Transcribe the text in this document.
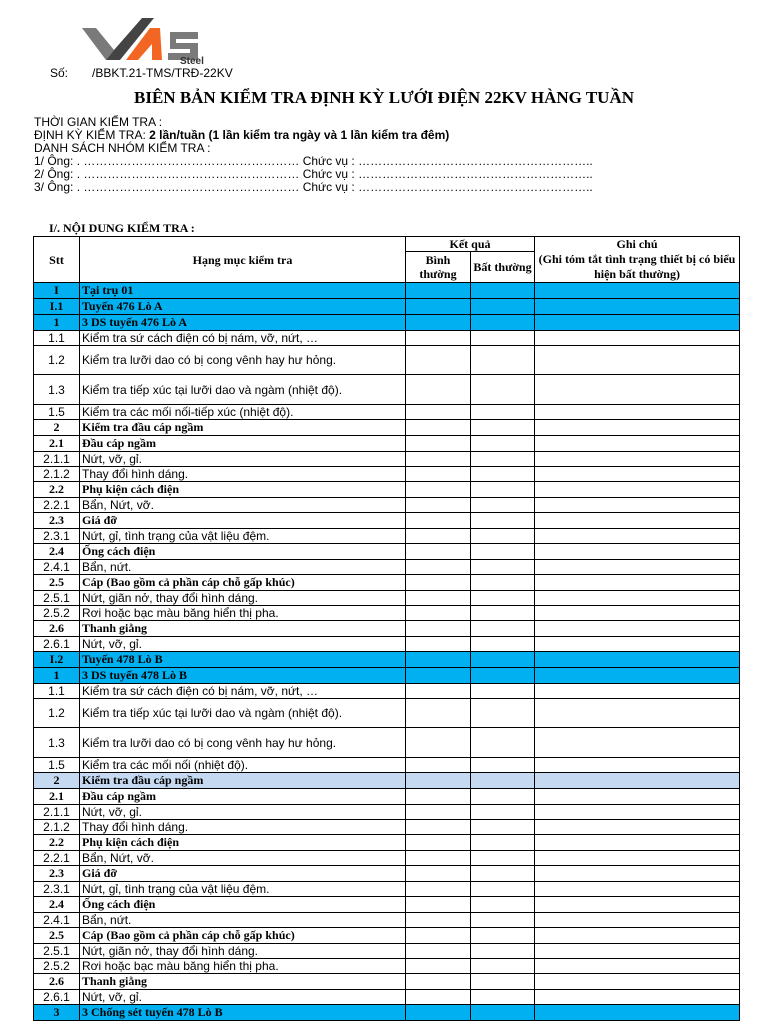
Steel
Số: /BBKT.21-TMS/TRĐ-22KV
BIÊN BẢN KIỂM TRA ĐỊNH KỲ LƯỚI ĐIỆN 22KV HÀNG TUẦN
THỜI GIAN KIỂM TRA :
ĐỊNH KỲ KIỂM TRA: 2 lần/tuần (1 lần kiểm tra ngày và 1 lần kiểm tra đêm)
DANH SÁCH NHÓM KIỂM TRA :
1/ Ông: . ……………………………………………… Chức vụ : …………………………………………………..
2/ Ông: . ……………………………………………… Chức vụ : …………………………………………………..
3/ Ông: . ……………………………………………… Chức vụ : …………………………………………………..
I/. NỘI DUNG KIỂM TRA :
Stt	Hạng mục kiểm tra	Kết quả		Ghi chú
(Ghi tóm tắt tình trạng thiết bị có biểu hiện bất thường)
		Bình thường	Bất thường	
I	Tại trụ 01			
I.1	Tuyến 476 Lò A			
1	3 DS tuyến 476 Lò A			
1.1	Kiểm tra sứ cách điện có bị nám, vỡ, nứt, …			
1.2	Kiểm tra lưỡi dao có bị cong vênh hay hư hỏng.			
1.3	Kiểm tra tiếp xúc tại lưỡi dao và ngàm (nhiệt độ).			
1.5	Kiểm tra các mối nối-tiếp xúc (nhiệt độ).			
2	Kiểm tra đầu cáp ngầm			
2.1	Đầu cáp ngầm			
2.1.1	Nứt, vỡ, gỉ.			
2.1.2	Thay đổi hình dáng.			
2.2	Phụ kiện cách điện			
2.2.1	Bẩn, Nứt, vỡ.			
2.3	Giá đỡ			
2.3.1	Nứt, gỉ, tình trạng của vật liệu đệm.			
2.4	Ống cách điện			
2.4.1	Bẩn, nứt.			
2.5	Cáp (Bao gồm cả phần cáp chỗ gấp khúc)			
2.5.1	Nứt, giãn nở, thay đổi hình dáng.			
2.5.2	Rơi hoặc bạc màu băng hiển thị pha.			
2.6	Thanh giằng			
2.6.1	Nứt, vỡ, gỉ.			
I.2	Tuyến 478 Lò B			
1	3 DS tuyến 478 Lò B			
1.1	Kiểm tra sứ cách điện có bị nám, vỡ, nứt, …			
1.2	Kiểm tra tiếp xúc tại lưỡi dao và ngàm (nhiệt độ).			
1.3	Kiểm tra lưỡi dao có bị cong vênh hay hư hỏng.			
1.5	Kiểm tra các mối nối (nhiệt độ).			
2	Kiểm tra đầu cáp ngầm			
2.1	Đầu cáp ngầm			
2.1.1	Nứt, vỡ, gỉ.			
2.1.2	Thay đổi hình dáng.			
2.2	Phụ kiện cách điện			
2.2.1	Bẩn, Nứt, vỡ.			
2.3	Giá đỡ			
2.3.1	Nứt, gỉ, tình trạng của vật liệu đệm.			
2.4	Ống cách điện			
2.4.1	Bẩn, nứt.			
2.5	Cáp (Bao gồm cả phần cáp chỗ gấp khúc)			
2.5.1	Nứt, giãn nở, thay đổi hình dáng.			
2.5.2	Rơi hoặc bạc màu băng hiển thị pha.			
2.6	Thanh giằng			
2.6.1	Nứt, vỡ, gỉ.			
3	3 Chống sét tuyến 478 Lò B			
